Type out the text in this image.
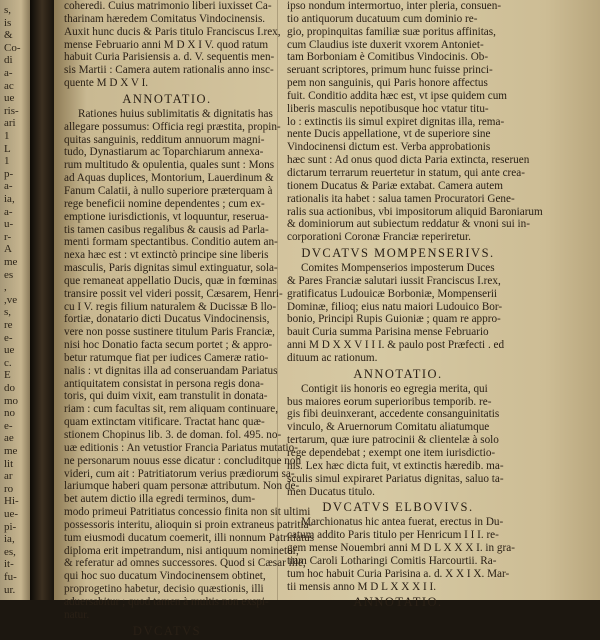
s,
is
&
Co-
di
a-
ac
ue
ris-
ari
1
L
1
p-
a-
ia,
a-
u-
r-
A
me
es
,
,ve
s,
re
e-
ue
c.
E
do
mo
no
e-
ae
me
lit
ar
ro
Hi-
ue-
pi-
ia,
es,
it-
fu-
ur.
coheredi. Cuius matrimonio liberi iuxisset Ca-
tharinam hæredem Comitatus Vindocinensis.
Auxit hunc ducis & Paris titulo Franciscus I.rex,
mense Februario anni M D X I V. quod ratum
habuit Curia Parisiensis a. d. V. sequentis men-
sis Martii : Camera autem rationalis anno insc-
quente M D X V I.
ANNOTATIO.
Rationes huius sublimitatis & dignitatis has
allegare possumus: Officia regi præstita, propin-
quitas sanguinis, redditum annuorum magni-
tudo, Dynastiarum ac Toparchiarum annexa-
rum multitudo & opulentia, quales sunt : Mons
ad Aquas duplices, Montorium, Lauerdinum &
Fanum Calatii, à nullo superiore præterquam à
rege beneficii nomine dependentes ; cum ex-
emptione iurisdictionis, vt loquuntur, reserua-
tis tamen casibus regalibus & causis ad Parla-
menti formam spectantibus. Conditio autem an-
nexa hæc est : vt extinctò principe sine liberis
masculis, Paris dignitas simul extinguatur, sola-
que remaneat appellatio Ducis, quæ in fœminas
transire possit vel videri possit, Cæsarem, Henri-
cu I V. regis filium naturalem & Ducissæ B llo-
fortiæ, donatario dicti Ducatus Vindocinensis,
vere non posse sustinere titulum Paris Franciæ,
nisi hoc Donatio facta secum portet ; & appro-
betur ratumque fiat per iudices Cameræ ratio-
nalis : vt dignitas illa ad conseruandam Pariatus
antiquitatem consistat in persona regis dona-
toris, qui duim vixit, eam transtulit in donata-
riam : cum facultas sit, rem aliquam continuare,
quam extinctam vitificare. Tractat hanc quæ-
stionem Chopinus lib. 3. de doman. fol. 495. no-
uæ editionis : An vetustior Francia Pariatus mutatio-
ne personarum nouus esse dicatur : concluditque non
videri, cum ait : Patritiatorum verius prædiorum sa-
lariumque haberi quam personæ attributum. Non de-
bet autem dictio illa egredi terminos, dum-
modo primeui Patritiatus concessio finita non sit ultimi
possessoris interitu, alioquin si proin extraneus patritia-
tum eiusmodi ducatum coemerit, illi nonnum Patritiatus
diploma erit impetrandum, nisi antiquum nominetur,
& referatur ad omnes successores. Quod si Cæsar ille,
qui hoc suo ducatum Vindocinensem obtinet,
proprogetino habetur, decisio quæstionis, illi
aduersabitur ; quod tamen à multis non exspi-
natur.
DVCATVS
ipso nondum intermortuo, inter pleria, consuen-
tio antiquorum ducatuum cum dominio re-
gio, propinquitas familiæ suæ poritus affinitas,
cum Claudius iste duxerit vxorem Antoniet-
tam Borboniam è Comitibus Vindocinis. Ob-
seruant scriptores, primum hunc fuisse princi-
pem non sanguinis, qui Paris honore affectus
fuit. Conditio addita hæc est, vt ipse quidem cum
liberis masculis nepotibusque hoc vtatur titu-
lo : extinctis iis simul expiret dignitas illa, rema-
nente Ducis appellatione, vt de superiore sine
Vindocinensi dictum est. Verba approbationis
hæc sunt : Ad onus quod dicta Paria extincta, reseruen
dictarum terrarum reuertetur in statum, qui ante crea-
tionem Ducatus & Pariæ extabat. Camera autem
rationalis ita habet : salua tamen Procuratori Gene-
ralis sua actionibus, vbi impositorum aliquid Baroniarum
& dominiorum aut subiectum reddatur & vnoni sui in-
corporationi Coronæ Franciæ reperiretur.
DVCATVS MOMPENSERIVS.
Comites Mompenserios imposterum Duces
& Pares Franciæ salutari iussit Franciscus I.rex,
gratificatus Ludouicæ Borboniæ, Mompenserii
Dominæ, filioq; eius natu maiori Ludouico Bor-
bonio, Principi Rupis Guioniæ ; quam re appro-
bauit Curia summa Parisina mense Februario
anni M D X X V I I I. & paulo post Præfecti . ed
dituum ac rationum.
ANNOTATIO.
Contigit iis honoris eo egregia merita, qui
bus maiores eorum superioribus temporib. re-
gis fibi deuinxerant, accedente consanguinitatis
vinculo, & Aruernorum Comitatu aliatumque
tertarum, quæ iure patrocinii & clientelæ à solo
rege dependebat ; exempt one item iurisdictio-
nis. Lex hæc dicta fuit, vt extinctis hæredib. ma-
sculis simul expiraret Pariatus dignitas, saluo ta-
men Ducatus titulo.
DVCATVS ELBOVIVS.
Marchionatus hic antea fuerat, erectus in Du-
catum addito Paris titulo per Henricum I I I. re-
gem mense Nouembri anni M D L X X X I. in gra-
tiam Caroli Lotharingi Comitis Harcourtii. Ra-
tum hoc habuit Curia Parisina a. d. X X I X. Mar-
tii mensis anno M D L X X X I I.
ANNOTATIO.
